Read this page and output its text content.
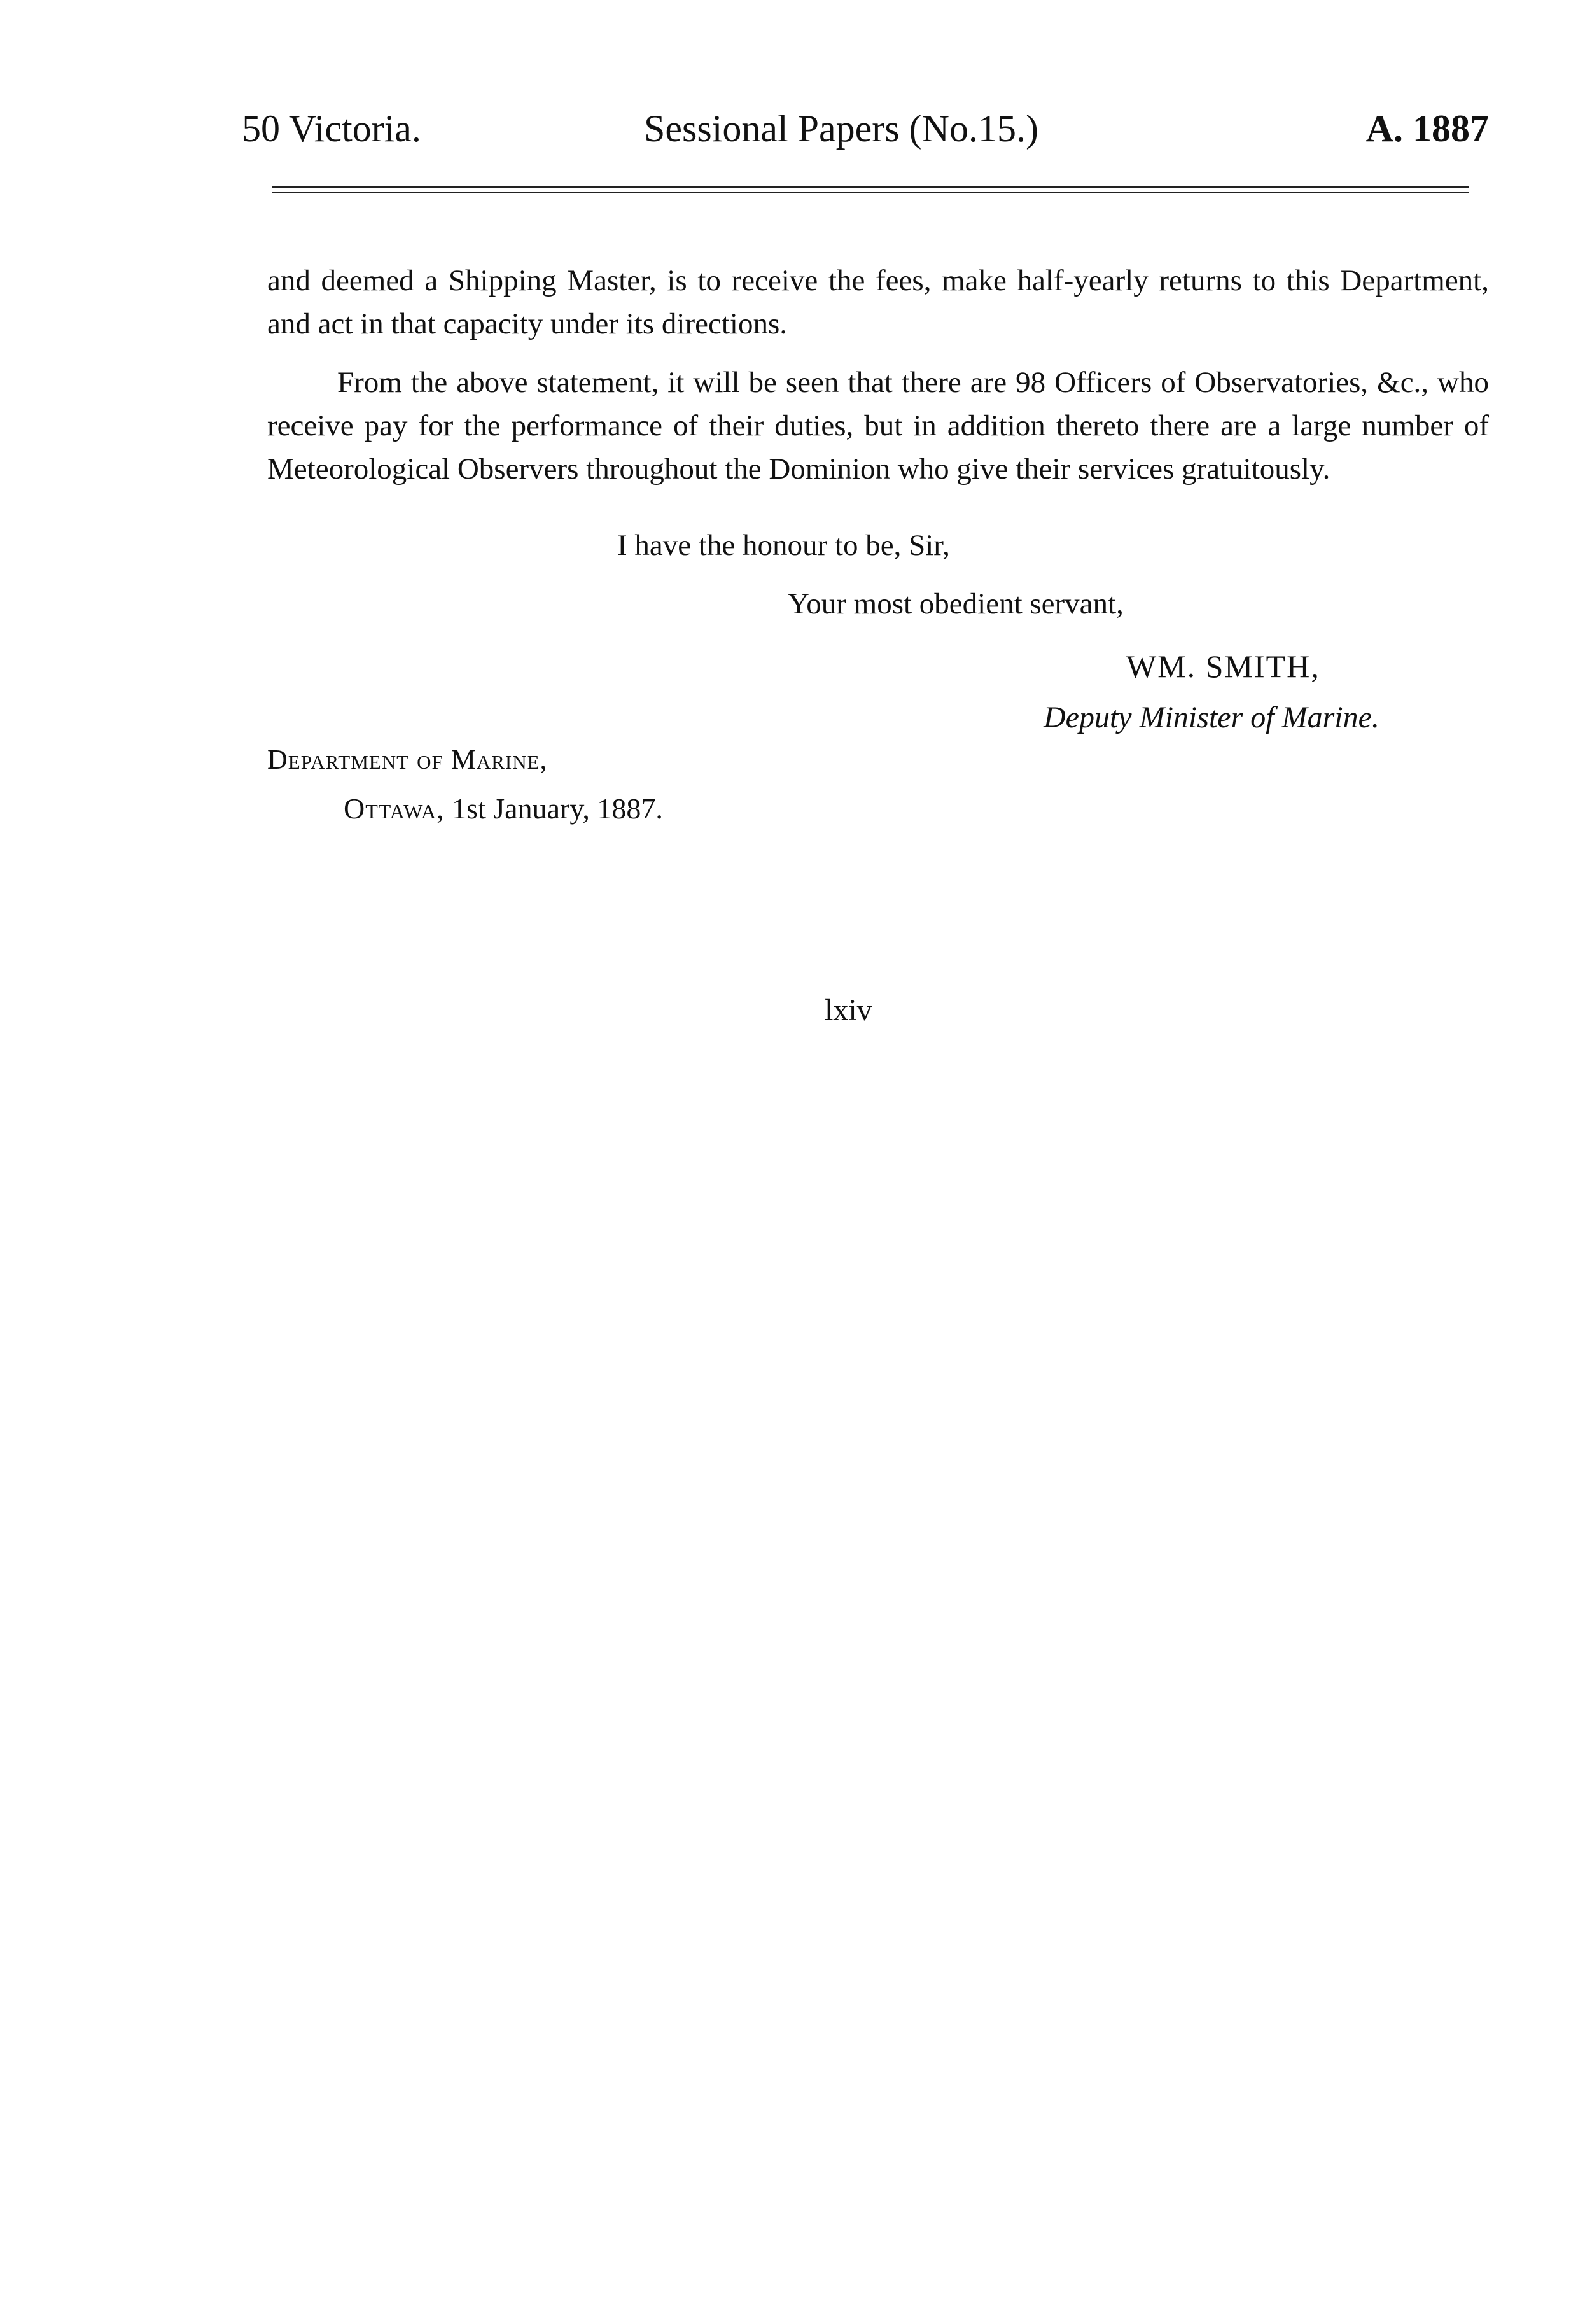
50 Victoria.	Sessional Papers (No.15.)	A. 1887

and deemed a Shipping Master, is to receive the fees, make half-yearly returns to this Department, and act in that capacity under its directions.

From the above statement, it will be seen that there are 98 Officers of Observatories, &c., who receive pay for the performance of their duties, but in addition thereto there are a large number of Meteorological Observers throughout the Dominion who give their services gratuitously.

I have the honour to be, Sir,
Your most obedient servant,
WM. SMITH,
Deputy Minister of Marine.
Department of Marine,
Ottawa, 1st January, 1887.
lxiv
